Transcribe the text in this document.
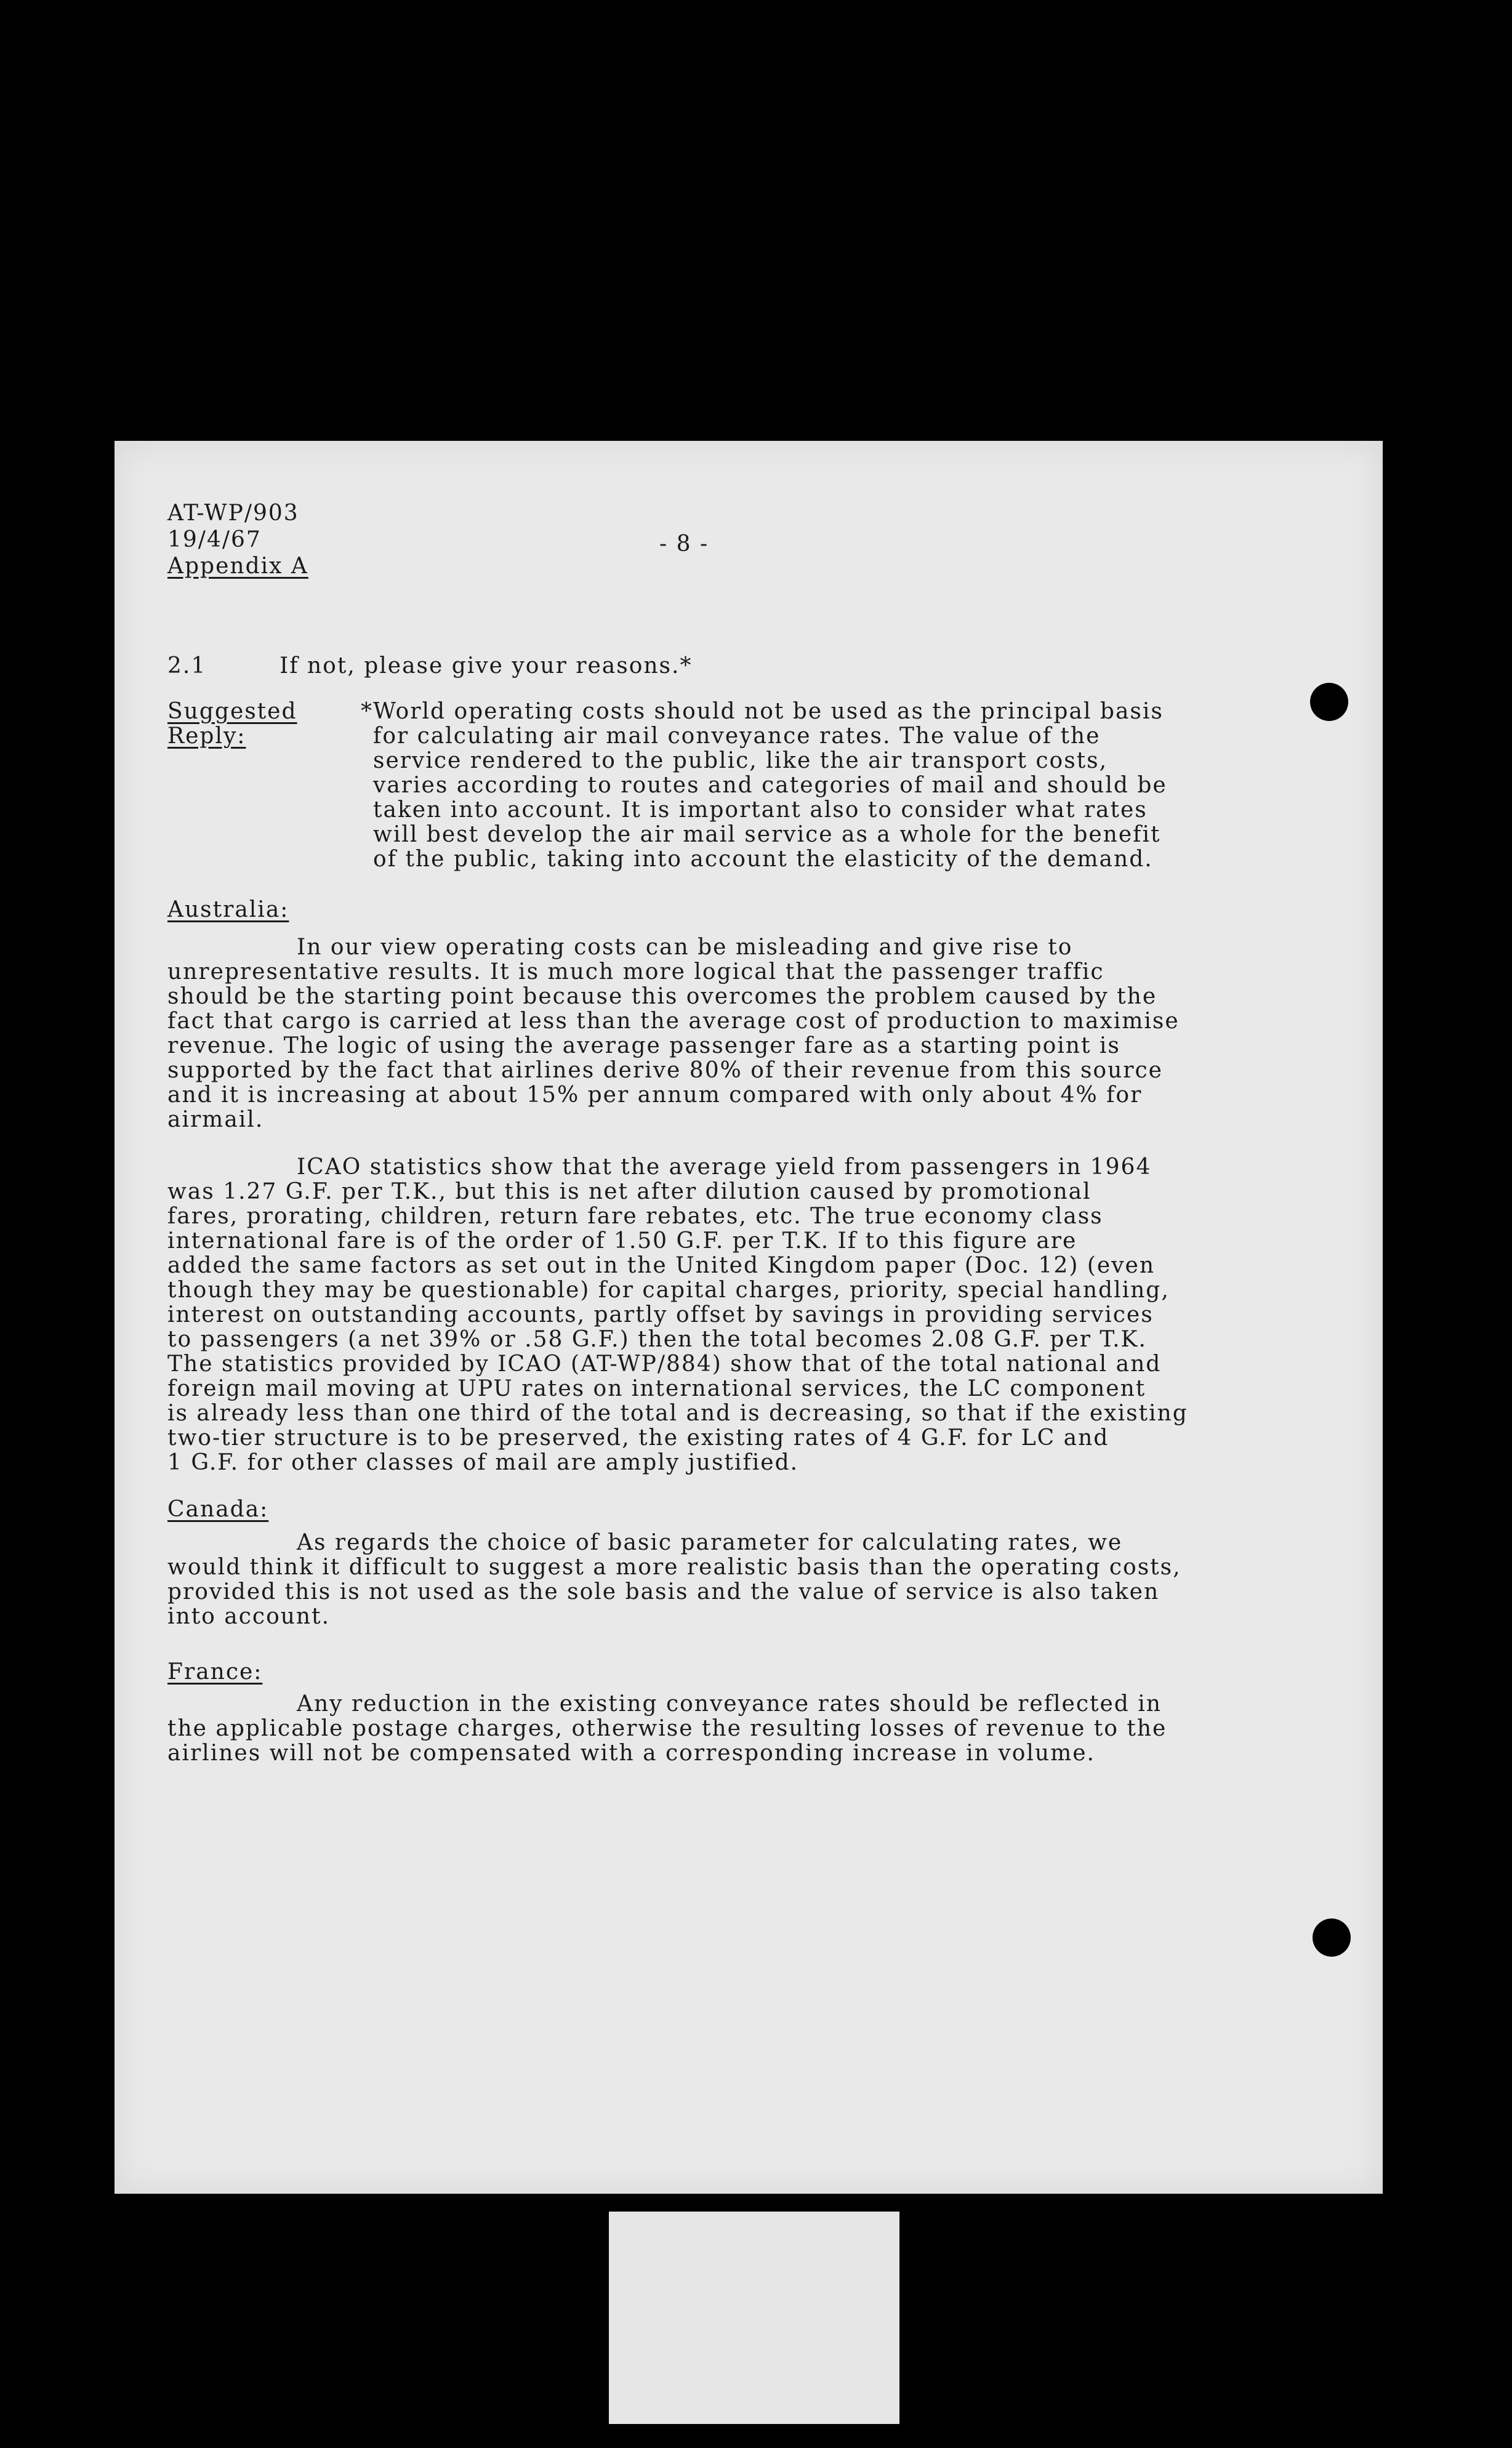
AT-WP/903
19/4/67
Appendix A
- 8 -
2.1	If not, please give your reasons.*
Suggested
Reply:
*World operating costs should not be used as the principal basis
for calculating air mail conveyance rates. The value of the
service rendered to the public, like the air transport costs,
varies according to routes and categories of mail and should be
taken into account. It is important also to consider what rates
will best develop the air mail service as a whole for the benefit
of the public, taking into account the elasticity of the demand.
Australia:
In our view operating costs can be misleading and give rise to
unrepresentative results. It is much more logical that the passenger traffic
should be the starting point because this overcomes the problem caused by the
fact that cargo is carried at less than the average cost of production to maximise
revenue. The logic of using the average passenger fare as a starting point is
supported by the fact that airlines derive 80% of their revenue from this source
and it is increasing at about 15% per annum compared with only about 4% for
airmail.
ICAO statistics show that the average yield from passengers in 1964
was 1.27 G.F. per T.K., but this is net after dilution caused by promotional
fares, prorating, children, return fare rebates, etc. The true economy class
international fare is of the order of 1.50 G.F. per T.K. If to this figure are
added the same factors as set out in the United Kingdom paper (Doc. 12) (even
though they may be questionable) for capital charges, priority, special handling,
interest on outstanding accounts, partly offset by savings in providing services
to passengers (a net 39% or .58 G.F.) then the total becomes 2.08 G.F. per T.K.
The statistics provided by ICAO (AT-WP/884) show that of the total national and
foreign mail moving at UPU rates on international services, the LC component
is already less than one third of the total and is decreasing, so that if the existing
two-tier structure is to be preserved, the existing rates of 4 G.F. for LC and
1 G.F. for other classes of mail are amply justified.
Canada:
As regards the choice of basic parameter for calculating rates, we
would think it difficult to suggest a more realistic basis than the operating costs,
provided this is not used as the sole basis and the value of service is also taken
into account.
France:
Any reduction in the existing conveyance rates should be reflected in
the applicable postage charges, otherwise the resulting losses of revenue to the
airlines will not be compensated with a corresponding increase in volume.
